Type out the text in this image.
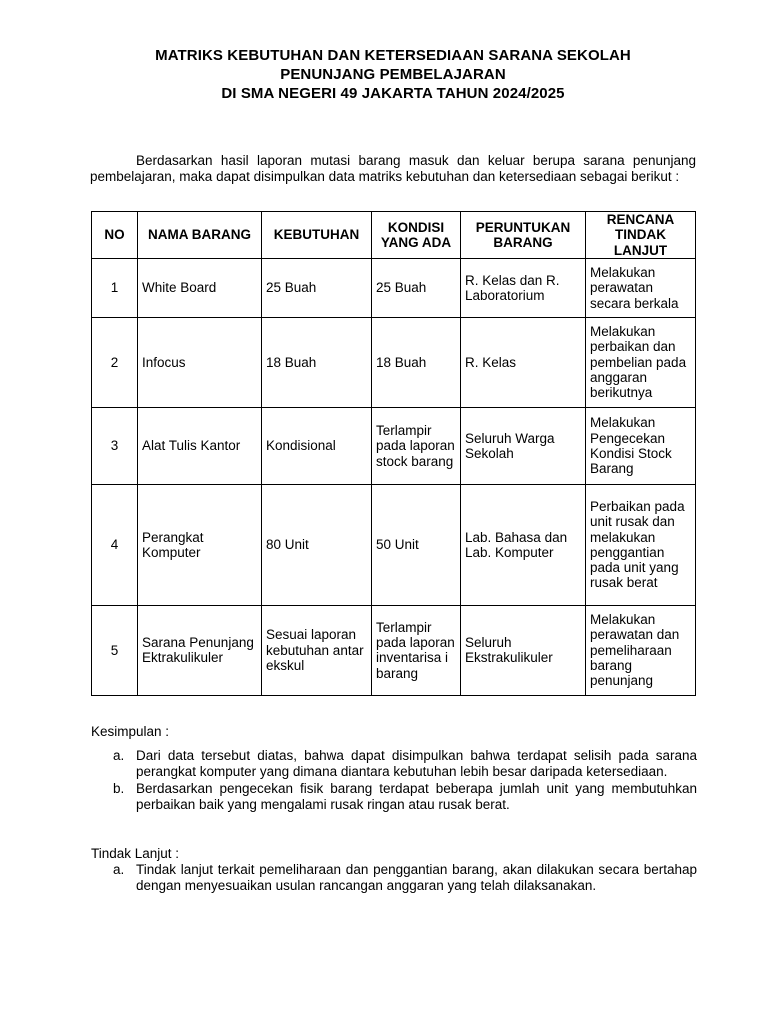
MATRIKS KEBUTUHAN DAN KETERSEDIAAN SARANA SEKOLAH
PENUNJANG PEMBELAJARAN
DI SMA NEGERI 49 JAKARTA TAHUN 2024/2025

Berdasarkan hasil laporan mutasi barang masuk dan keluar berupa sarana penunjang pembelajaran, maka dapat disimpulkan data matriks kebutuhan dan ketersediaan sebagai berikut :

NO	NAMA BARANG	KEBUTUHAN	KONDISI YANG ADA	PERUNTUKAN BARANG	RENCANA TINDAK LANJUT
1	White Board	25 Buah	25 Buah	R. Kelas dan R. Laboratorium	Melakukan perawatan secara berkala
2	Infocus	18 Buah	18 Buah	R. Kelas	Melakukan perbaikan dan pembelian pada anggaran berikutnya
3	Alat Tulis Kantor	Kondisional	Terlampir pada laporan stock barang	Seluruh Warga Sekolah	Melakukan Pengecekan Kondisi Stock Barang
4	Perangkat Komputer	80 Unit	50 Unit	Lab. Bahasa dan Lab. Komputer	Perbaikan pada unit rusak dan melakukan penggantian pada unit yang rusak berat
5	Sarana Penunjang Ektrakulikuler	Sesuai laporan kebutuhan antar ekskul	Terlampir pada laporan inventarisa i barang	Seluruh Ekstrakulikuler	Melakukan perawatan dan pemeliharaan barang penunjang
Kesimpulan :
a. Dari data tersebut diatas, bahwa dapat disimpulkan bahwa terdapat selisih pada sarana perangkat komputer yang dimana diantara kebutuhan lebih besar daripada ketersediaan.
b. Berdasarkan pengecekan fisik barang terdapat beberapa jumlah unit yang membutuhkan perbaikan baik yang mengalami rusak ringan atau rusak berat.
Tindak Lanjut :
a. Tindak lanjut terkait pemeliharaan dan penggantian barang, akan dilakukan secara bertahap dengan menyesuaikan usulan rancangan anggaran yang telah dilaksanakan.
